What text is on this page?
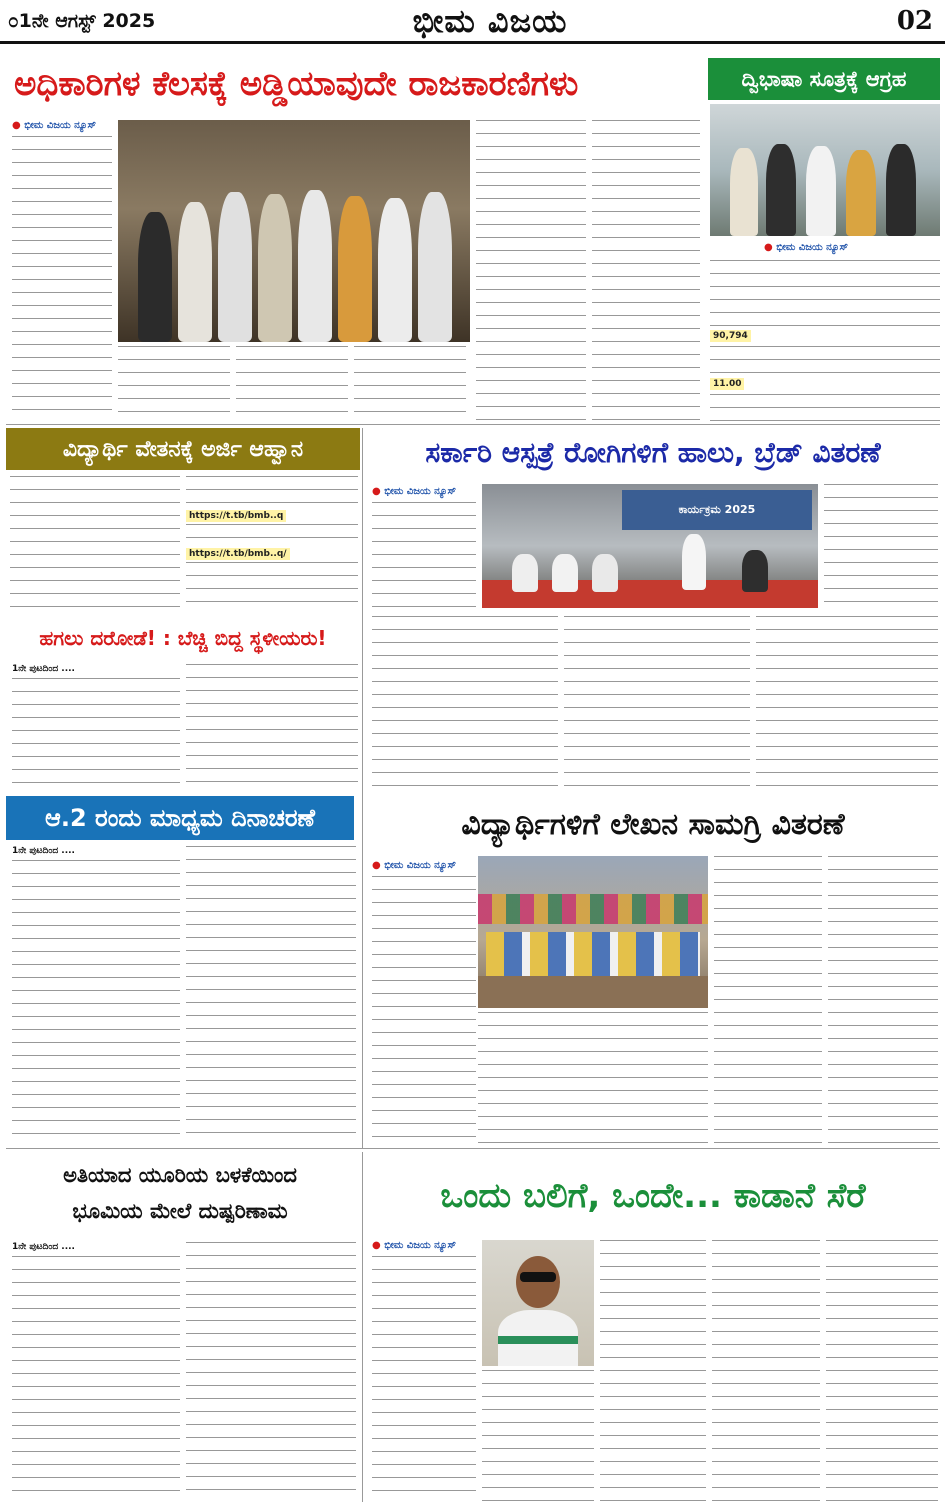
೦1ನೇ ಆಗಸ್ಟ್ 2025	ಭೀಮ ವಿಜಯ	02
ಅಧಿಕಾರಿಗಳ ಕೆಲಸಕ್ಕೆ ಅಡ್ಡಿಯಾವುದೇ ರಾಜಕಾರಣಿಗಳು
● ಭೀಮ ವಿಜಯ ನ್ಯೂಸ್
ದ್ವಿಭಾಷಾ ಸೂತ್ರಕ್ಕೆ ಆಗ್ರಹ
● ಭೀಮ ವಿಜಯ ನ್ಯೂಸ್
90,794
11.00
ವಿದ್ಯಾರ್ಥಿ ವೇತನಕ್ಕೆ ಅರ್ಜಿ ಆಹ್ವಾನ
https://t.tb/bmb..q
https://t.tb/bmb..q/
ಸರ್ಕಾರಿ ಆಸ್ಪತ್ರೆ ರೋಗಿಗಳಿಗೆ ಹಾಲು, ಬ್ರೆಡ್ ವಿತರಣೆ
● ಭೀಮ ವಿಜಯ ನ್ಯೂಸ್
ಕಾರ್ಯಕ್ರಮ 2025
ಹಗಲು ದರೋಡೆ! : ಬೆಚ್ಚಿ ಬಿದ್ದ ಸ್ಥಳೀಯರು!
1ನೇ ಪುಟದಿಂದ ....
ಆ.2 ರಂದು ಮಾಧ್ಯಮ ದಿನಾಚರಣೆ
1ನೇ ಪುಟದಿಂದ ....
ವಿದ್ಯಾರ್ಥಿಗಳಿಗೆ ಲೇಖನ ಸಾಮಗ್ರಿ ವಿತರಣೆ
● ಭೀಮ ವಿಜಯ ನ್ಯೂಸ್
ಅತಿಯಾದ ಯೂರಿಯ ಬಳಕೆಯಿಂದ
ಭೂಮಿಯ ಮೇಲೆ ದುಷ್ಪರಿಣಾಮ
1ನೇ ಪುಟದಿಂದ ....
ಒಂದು ಬಲಿಗೆ, ಒಂದೇ... ಕಾಡಾನೆ ಸೆರೆ
● ಭೀಮ ವಿಜಯ ನ್ಯೂಸ್
